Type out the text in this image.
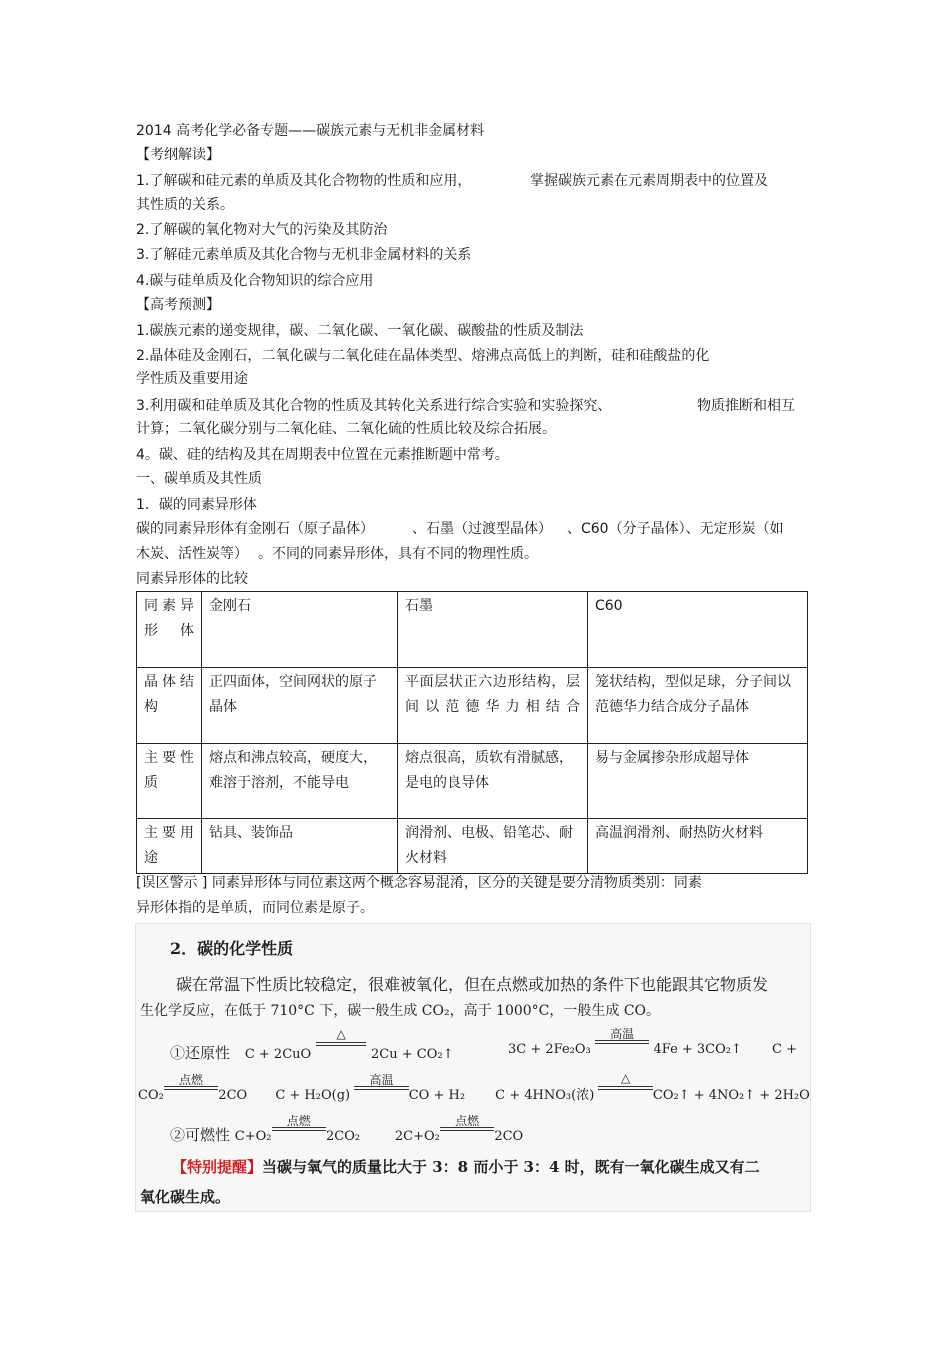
2014 高考化学必备专题——碳族元素与无机非金属材料
【考纲解读】
1.了解碳和硅元素的单质及其化合物物的性质和应用，	掌握碳族元素在元素周期表中的位置及
其性质的关系。
2.了解碳的氧化物对大气的污染及其防治
3.了解硅元素单质及其化合物与无机非金属材料的关系
4.碳与硅单质及化合物知识的综合应用
【高考预测】
1.碳族元素的递变规律，碳、二氧化碳、一氧化碳、碳酸盐的性质及制法
2.晶体硅及金刚石，二氧化碳与二氧化硅在晶体类型、熔沸点高低上的判断，硅和硅酸盐的化
学性质及重要用途
3.利用碳和硅单质及其化合物的性质及其转化关系进行综合实验和实验探究、	物质推断和相互
计算；二氧化碳分别与二氧化硅、二氧化硫的性质比较及综合拓展。
4。碳、硅的结构及其在周期表中位置在元素推断题中常考。
一、碳单质及其性质
1．碳的同素异形体
碳的同素异形体有金刚石（原子晶体）	、石墨（过渡型晶体） 、C60（分子晶体）、无定形炭（如
木炭、活性炭等） 。不同的同素异形体，具有不同的物理性质。
同素异形体的比较
同素异形体	金刚石	石墨	C60
晶体结构	正四面体，空间网状的原子晶体	平面层状正六边形结构，层间以范德华力相结合	笼状结构，型似足球，分子间以范德华力结合成分子晶体
主要性质	熔点和沸点较高，硬度大，难溶于溶剂，不能导电	熔点很高，质软有滑腻感，是电的良导体	易与金属掺杂形成超导体
主要用途	钻具、装饰品	润滑剂、电极、铅笔芯、耐火材料	高温润滑剂、耐热防火材料
[误区警示 ] 同素异形体与同位素这两个概念容易混淆，区分的关键是要分清物质类别：同素
异形体指的是单质，而同位素是原子。
2．碳的化学性质
碳在常温下性质比较稳定，很难被氧化，但在点燃或加热的条件下也能跟其它物质发
生化学反应，在低于 710°C 下，碳一般生成 CO₂，高于 1000°C，一般生成 CO。
①还原性 C + 2CuO
△
2Cu + CO₂↑	3C + 2Fe₂O₃
高温
4Fe + 3CO₂↑ C +
CO₂
点燃
2CO C + H₂O(g)
高温
CO + H₂ C + 4HNO₃(浓)
△
CO₂↑ + 4NO₂↑ + 2H₂O
②可燃性 C+O₂
点燃
2CO₂	2C+O₂
点燃
2CO
【特别提醒】当碳与氧气的质量比大于 3：8 而小于 3：4 时，既有一氧化碳生成又有二
氧化碳生成。
